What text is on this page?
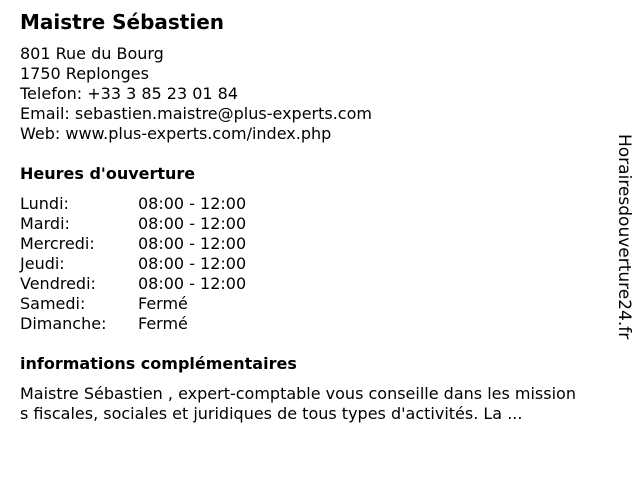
Maistre Sébastien
801 Rue du Bourg
1750 Replonges
Telefon: +33 3 85 23 01 84
Email: sebastien.maistre@plus-experts.com
Web: www.plus-experts.com/index.php
Heures d'ouverture
Lundi:	08:00 - 12:00
Mardi:	08:00 - 12:00
Mercredi:	08:00 - 12:00
Jeudi:	08:00 - 12:00
Vendredi:	08:00 - 12:00
Samedi:	Fermé
Dimanche: Fermé
informations complémentaires

Maistre Sébastien , expert-comptable vous conseille dans les missions fiscales, sociales et juridiques de tous types d'activités. La ...

Horairesdouverture24.fr
